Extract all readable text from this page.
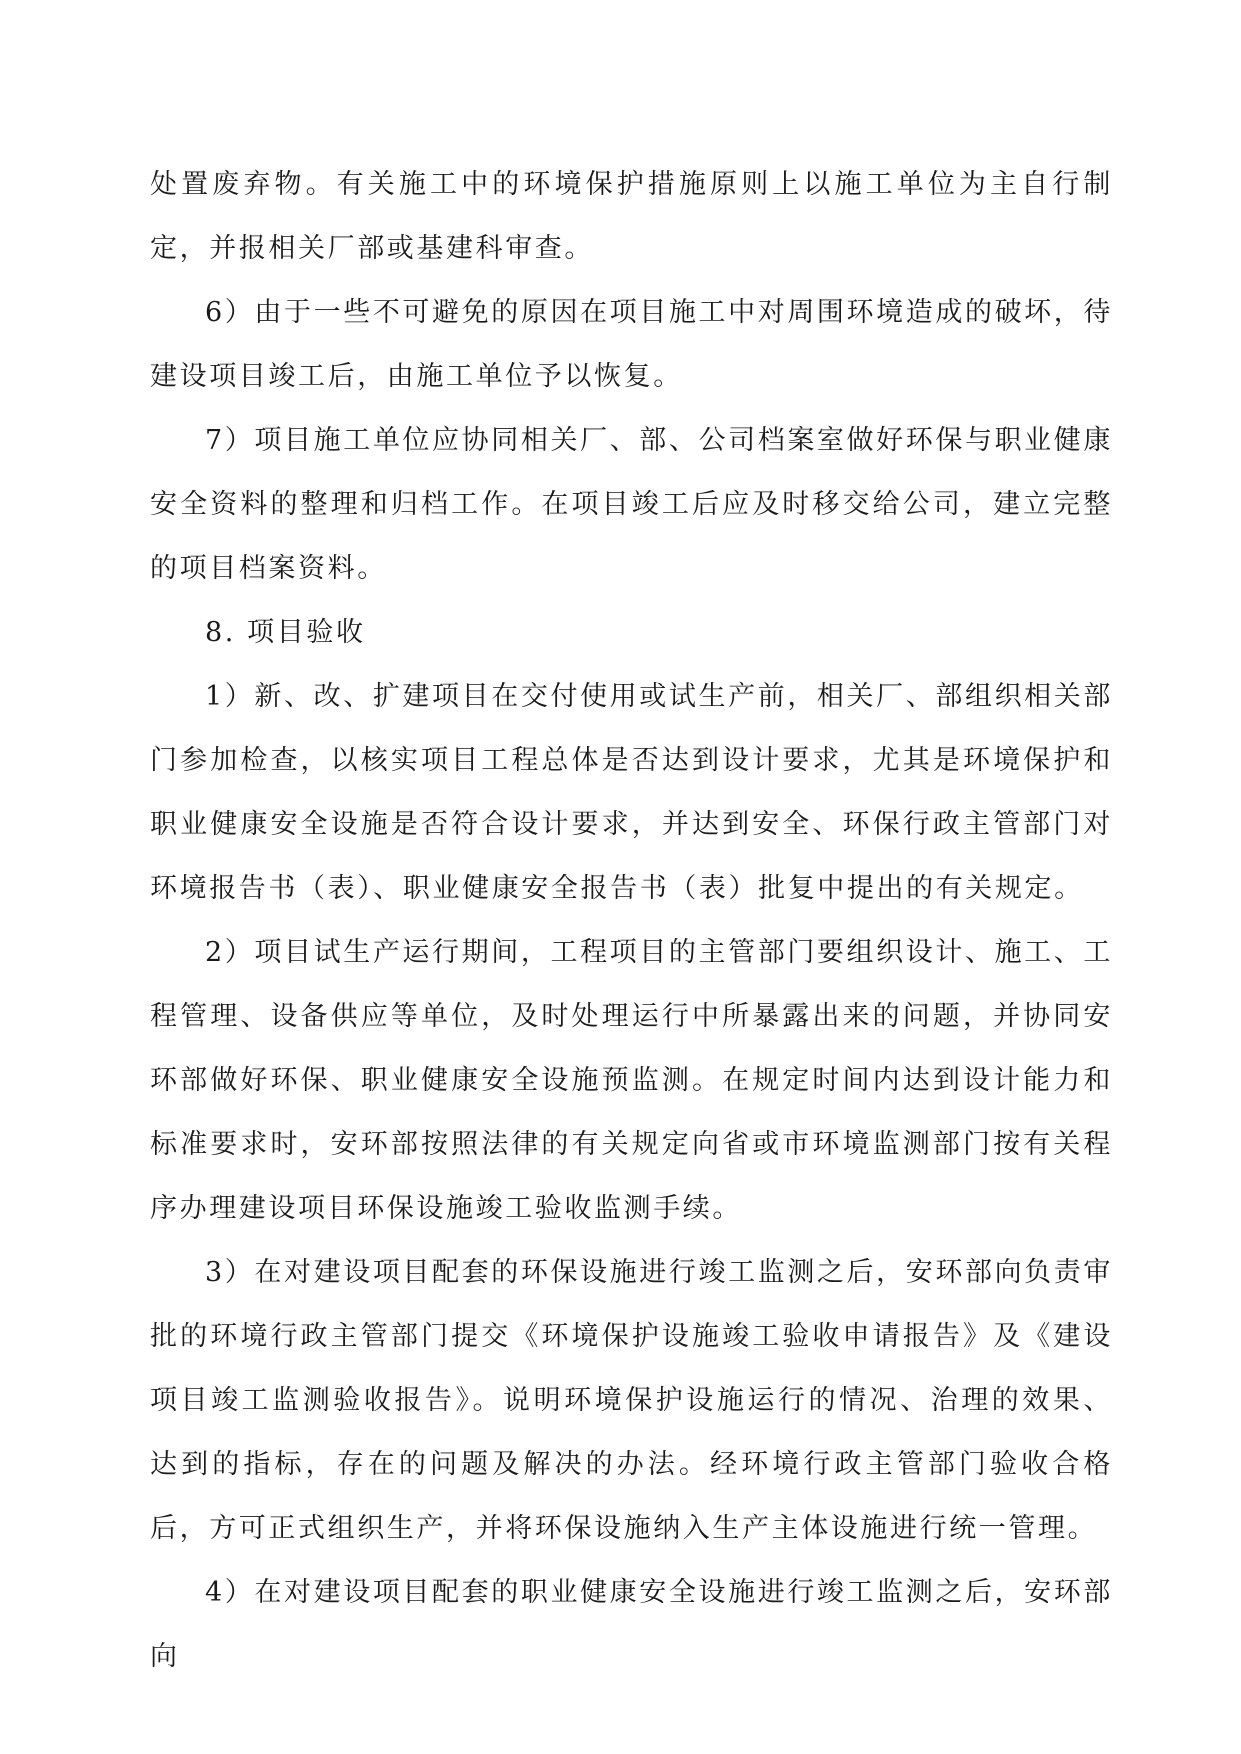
处置废弃物。有关施工中的环境保护措施原则上以施工单位为主自行制定，并报相关厂部或基建科审查。

6）由于一些不可避免的原因在项目施工中对周围环境造成的破坏，待建设项目竣工后，由施工单位予以恢复。

7）项目施工单位应协同相关厂、部、公司档案室做好环保与职业健康安全资料的整理和归档工作。在项目竣工后应及时移交给公司，建立完整的项目档案资料。

8. 项目验收

1）新、改、扩建项目在交付使用或试生产前，相关厂、部组织相关部门参加检查，以核实项目工程总体是否达到设计要求，尤其是环境保护和职业健康安全设施是否符合设计要求，并达到安全、环保行政主管部门对环境报告书（表）、职业健康安全报告书（表）批复中提出的有关规定。

2）项目试生产运行期间，工程项目的主管部门要组织设计、施工、工程管理、设备供应等单位，及时处理运行中所暴露出来的问题，并协同安环部做好环保、职业健康安全设施预监测。在规定时间内达到设计能力和标准要求时，安环部按照法律的有关规定向省或市环境监测部门按有关程序办理建设项目环保设施竣工验收监测手续。

3）在对建设项目配套的环保设施进行竣工监测之后，安环部向负责审批的环境行政主管部门提交《环境保护设施竣工验收申请报告》及《建设项目竣工监测验收报告》。说明环境保护设施运行的情况、治理的效果、达到的指标，存在的问题及解决的办法。经环境行政主管部门验收合格后，方可正式组织生产，并将环保设施纳入生产主体设施进行统一管理。

4）在对建设项目配套的职业健康安全设施进行竣工监测之后，安环部向
